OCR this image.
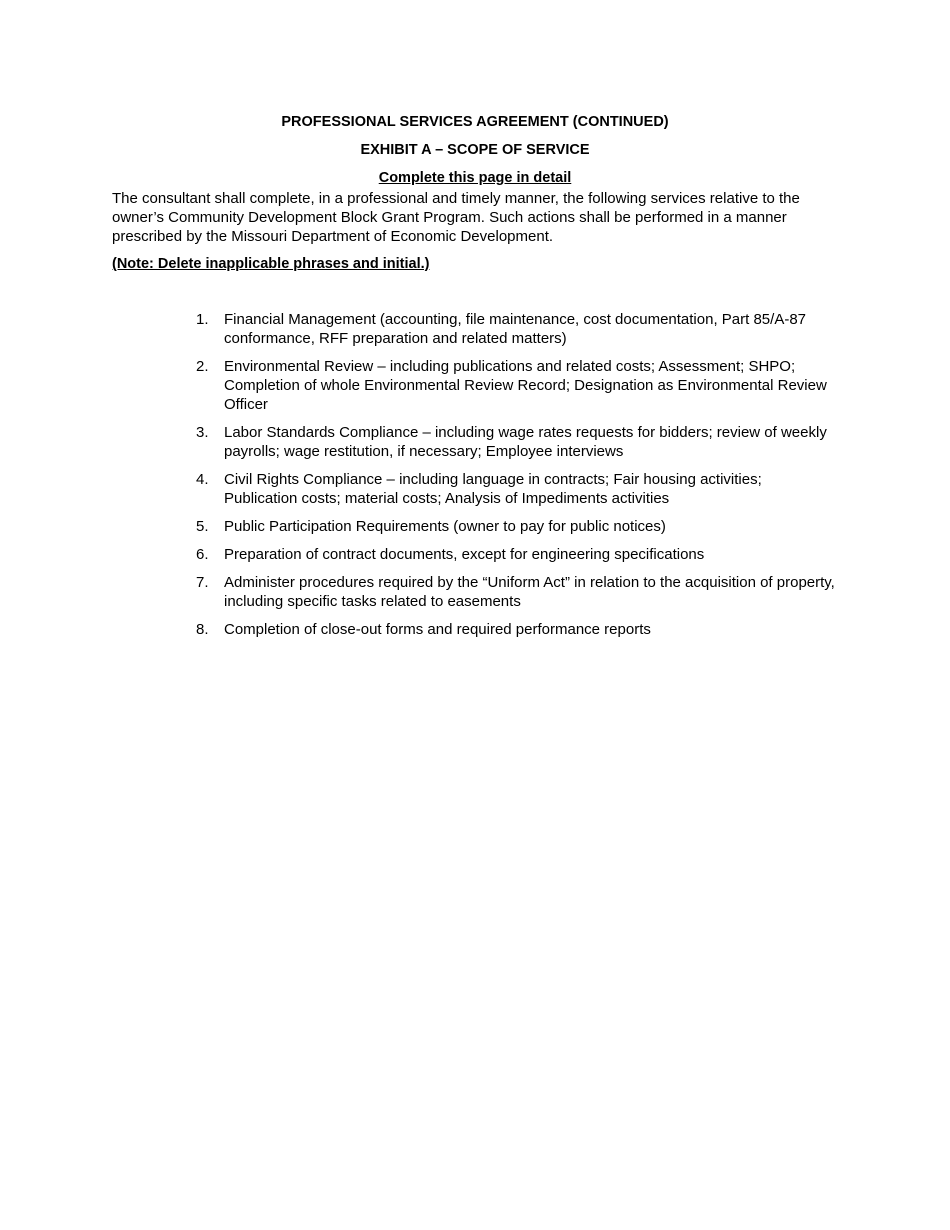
PROFESSIONAL SERVICES AGREEMENT (CONTINUED)

EXHIBIT A – SCOPE OF SERVICE

Complete this page in detail

The consultant shall complete, in a professional and timely manner, the following services relative to the owner’s Community Development Block Grant Program. Such actions shall be performed in a manner prescribed by the Missouri Department of Economic Development.

(Note: Delete inapplicable phrases and initial.)

1.	Financial Management (accounting, file maintenance, cost documentation, Part 85/A-87 conformance, RFF preparation and related matters)
2.	Environmental Review – including publications and related costs; Assessment; SHPO; Completion of whole Environmental Review Record; Designation as Environmental Review Officer
3.	Labor Standards Compliance – including wage rates requests for bidders; review of weekly payrolls; wage restitution, if necessary; Employee interviews
4.	Civil Rights Compliance – including language in contracts; Fair housing activities; Publication costs; material costs; Analysis of Impediments activities
5.	Public Participation Requirements (owner to pay for public notices)
6.	Preparation of contract documents, except for engineering specifications
7.	Administer procedures required by the “Uniform Act” in relation to the acquisition of property, including specific tasks related to easements
8.	Completion of close-out forms and required performance reports
